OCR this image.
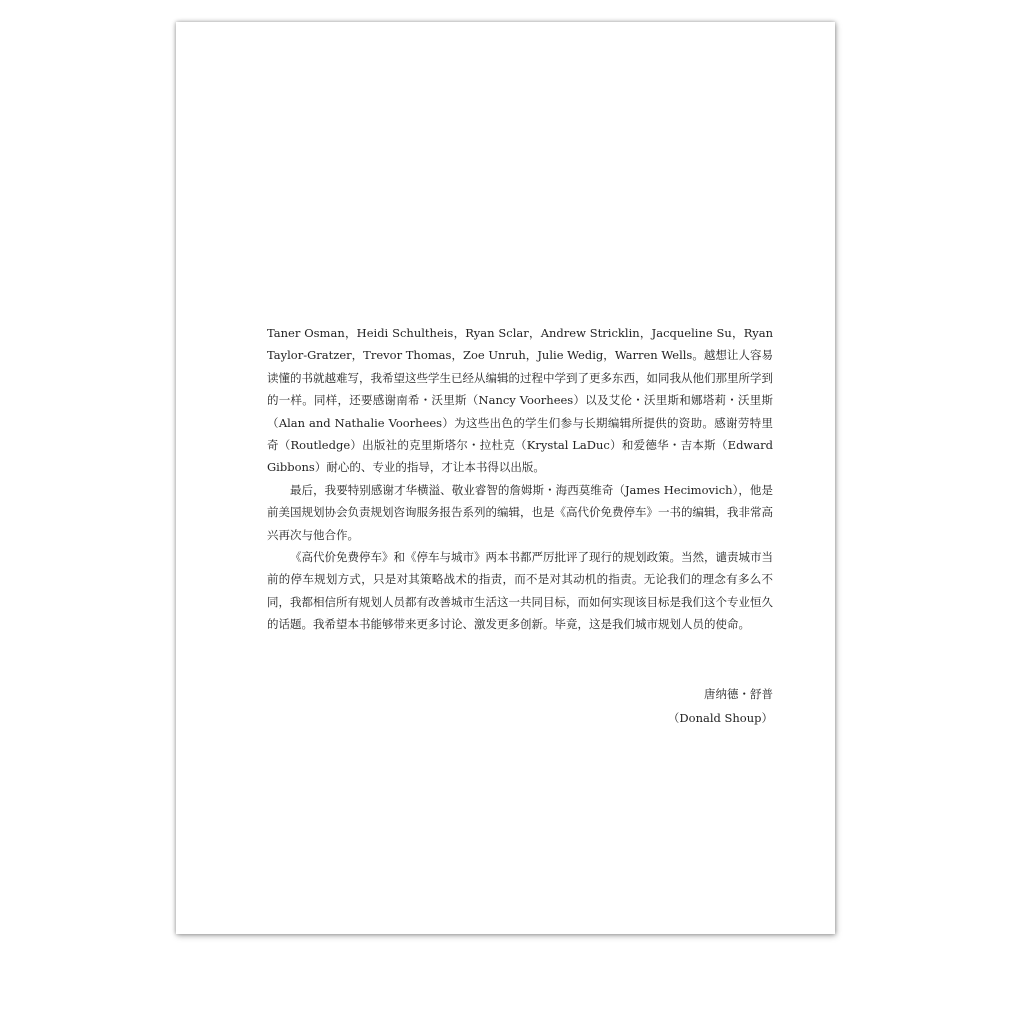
Taner Osman，Heidi Schultheis，Ryan Sclar，Andrew Stricklin，Jacqueline Su，Ryan Taylor-Gratzer，Trevor Thomas，Zoe Unruh，Julie Wedig，Warren Wells。越想让人容易读懂的书就越难写，我希望这些学生已经从编辑的过程中学到了更多东西，如同我从他们那里所学到的一样。同样，还要感谢南希・沃里斯（Nancy Voorhees）以及艾伦・沃里斯和娜塔莉・沃里斯（Alan and Nathalie Voorhees）为这些出色的学生们参与长期编辑所提供的资助。感谢劳特里奇（Routledge）出版社的克里斯塔尔・拉杜克（Krystal LaDuc）和爱德华・吉本斯（Edward Gibbons）耐心的、专业的指导，才让本书得以出版。

最后，我要特别感谢才华横溢、敬业睿智的詹姆斯・海西莫维奇（James Hecimovich），他是前美国规划协会负责规划咨询服务报告系列的编辑，也是《高代价免费停车》一书的编辑，我非常高兴再次与他合作。

《高代价免费停车》和《停车与城市》两本书都严厉批评了现行的规划政策。当然，谴责城市当前的停车规划方式，只是对其策略战术的指责，而不是对其动机的指责。无论我们的理念有多么不同，我都相信所有规划人员都有改善城市生活这一共同目标，而如何实现该目标是我们这个专业恒久的话题。我希望本书能够带来更多讨论、激发更多创新。毕竟，这是我们城市规划人员的使命。

唐纳德・舒普
（Donald Shoup）
